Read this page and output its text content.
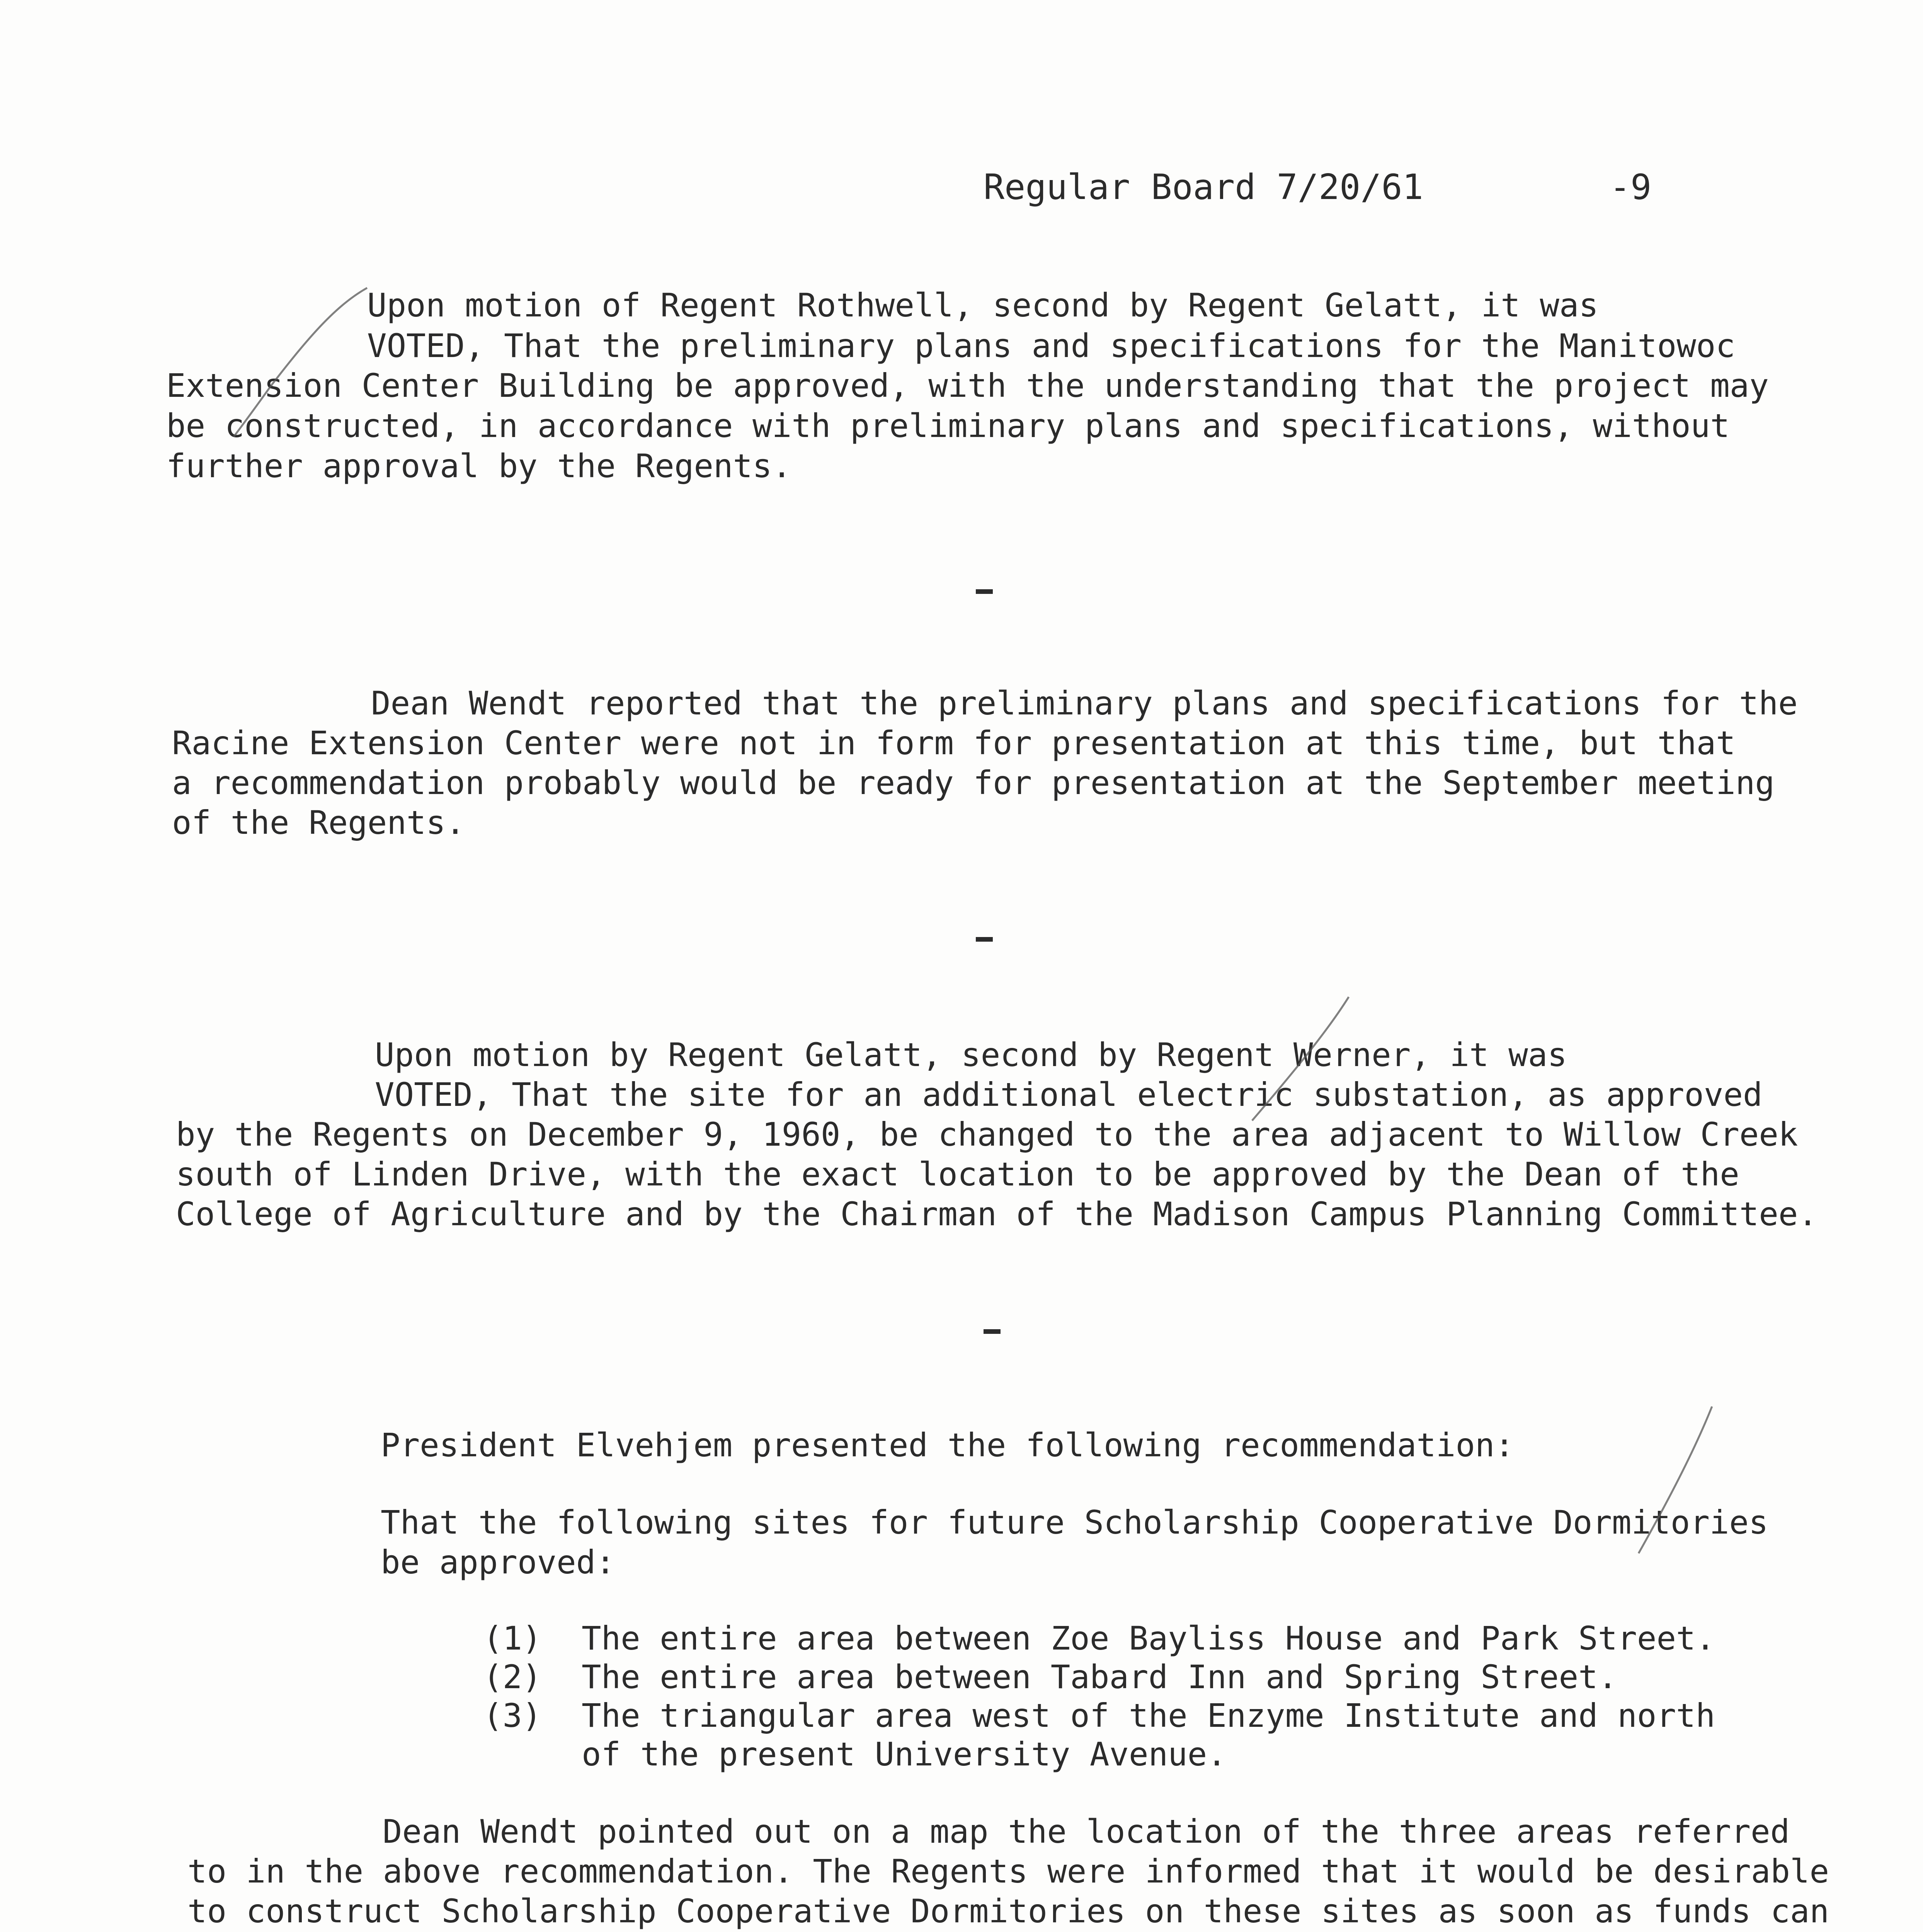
Regular Board 7/20/61	-9
Upon motion of Regent Rothwell, second by Regent Gelatt, it was
VOTED, That the preliminary plans and specifications for the Manitowoc
Extension Center Building be approved, with the understanding that the project may
be constructed, in accordance with preliminary plans and specifications, without
further approval by the Regents.
Dean Wendt reported that the preliminary plans and specifications for the
Racine Extension Center were not in form for presentation at this time, but that
a recommendation probably would be ready for presentation at the September meeting
of the Regents.
Upon motion by Regent Gelatt, second by Regent Werner, it was
VOTED, That the site for an additional electric substation, as approved
by the Regents on December 9, 1960, be changed to the area adjacent to Willow Creek
south of Linden Drive, with the exact location to be approved by the Dean of the
College of Agriculture and by the Chairman of the Madison Campus Planning Committee.
President Elvehjem presented the following recommendation:
That the following sites for future Scholarship Cooperative Dormitories
be approved:
(1) The entire area between Zoe Bayliss House and Park Street.
(2) The entire area between Tabard Inn and Spring Street.
(3) The triangular area west of the Enzyme Institute and north
of the present University Avenue.
Dean Wendt pointed out on a map the location of the three areas referred
to in the above recommendation. The Regents were informed that it would be desirable
to construct Scholarship Cooperative Dormitories on these sites as soon as funds can
